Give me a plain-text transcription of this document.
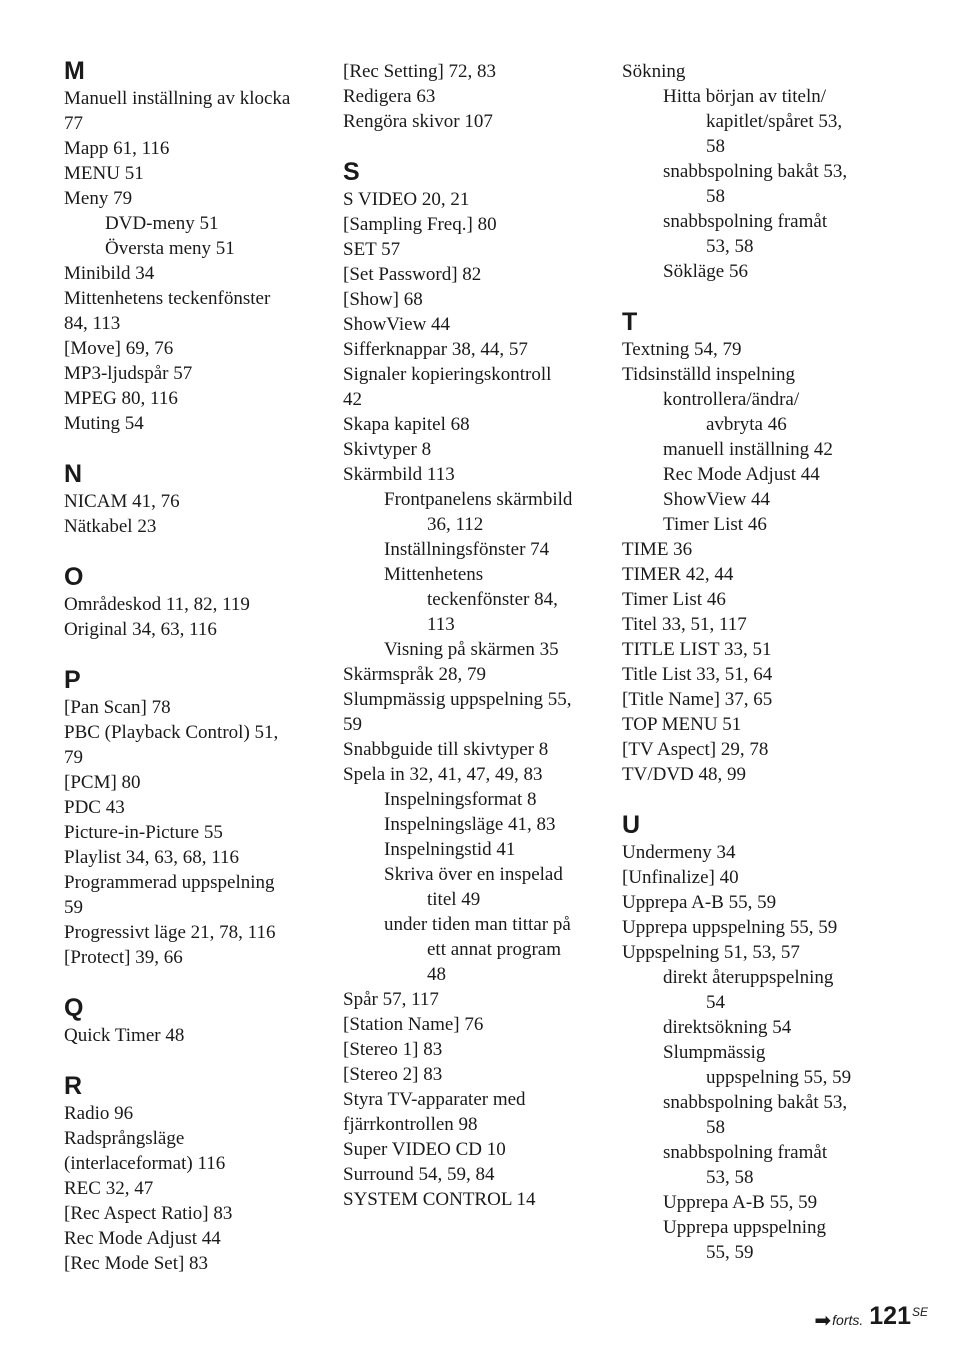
M
Manuell inställning av klocka
77
Mapp 61, 116
MENU 51
Meny 79
DVD-meny 51
Översta meny 51
Minibild 34
Mittenhetens teckenfönster
84, 113
[Move] 69, 76
MP3-ljudspår 57
MPEG 80, 116
Muting 54
N
NICAM 41, 76
Nätkabel 23
O
Områdeskod 11, 82, 119
Original 34, 63, 116
P
[Pan Scan] 78
PBC (Playback Control) 51,
79
[PCM] 80
PDC 43
Picture-in-Picture 55
Playlist 34, 63, 68, 116
Programmerad uppspelning
59
Progressivt läge 21, 78, 116
[Protect] 39, 66
Q
Quick Timer 48
R
Radio 96
Radsprångsläge
(interlaceformat) 116
REC 32, 47
[Rec Aspect Ratio] 83
Rec Mode Adjust 44
[Rec Mode Set] 83
[Rec Setting] 72, 83
Redigera 63
Rengöra skivor 107
S
S VIDEO 20, 21
[Sampling Freq.] 80
SET 57
[Set Password] 82
[Show] 68
ShowView 44
Sifferknappar 38, 44, 57
Signaler kopieringskontroll
42
Skapa kapitel 68
Skivtyper 8
Skärmbild 113
Frontpanelens skärmbild
36, 112
Inställningsfönster 74
Mittenhetens
teckenfönster 84,
113
Visning på skärmen 35
Skärmspråk 28, 79
Slumpmässig uppspelning 55,
59
Snabbguide till skivtyper 8
Spela in 32, 41, 47, 49, 83
Inspelningsformat 8
Inspelningsläge 41, 83
Inspelningstid 41
Skriva över en inspelad
titel 49
under tiden man tittar på
ett annat program
48
Spår 57, 117
[Station Name] 76
[Stereo 1] 83
[Stereo 2] 83
Styra TV-apparater med
fjärrkontrollen 98
Super VIDEO CD 10
Surround 54, 59, 84
SYSTEM CONTROL 14
Sökning
Hitta början av titeln/
kapitlet/spåret 53,
58
snabbspolning bakåt 53,
58
snabbspolning framåt
53, 58
Sökläge 56
T
Textning 54, 79
Tidsinställd inspelning
kontrollera/ändra/
avbryta 46
manuell inställning 42
Rec Mode Adjust 44
ShowView 44
Timer List 46
TIME 36
TIMER 42, 44
Timer List 46
Titel 33, 51, 117
TITLE LIST 33, 51
Title List 33, 51, 64
[Title Name] 37, 65
TOP MENU 51
[TV Aspect] 29, 78
TV/DVD 48, 99
U
Undermeny 34
[Unfinalize] 40
Upprepa A-B 55, 59
Upprepa uppspelning 55, 59
Uppspelning 51, 53, 57
direkt återuppspelning
54
direktsökning 54
Slumpmässig
uppspelning 55, 59
snabbspolning bakåt 53,
58
snabbspolning framåt
53, 58
Upprepa A-B 55, 59
Upprepa uppspelning
55, 59
➡ forts. 121 SE
